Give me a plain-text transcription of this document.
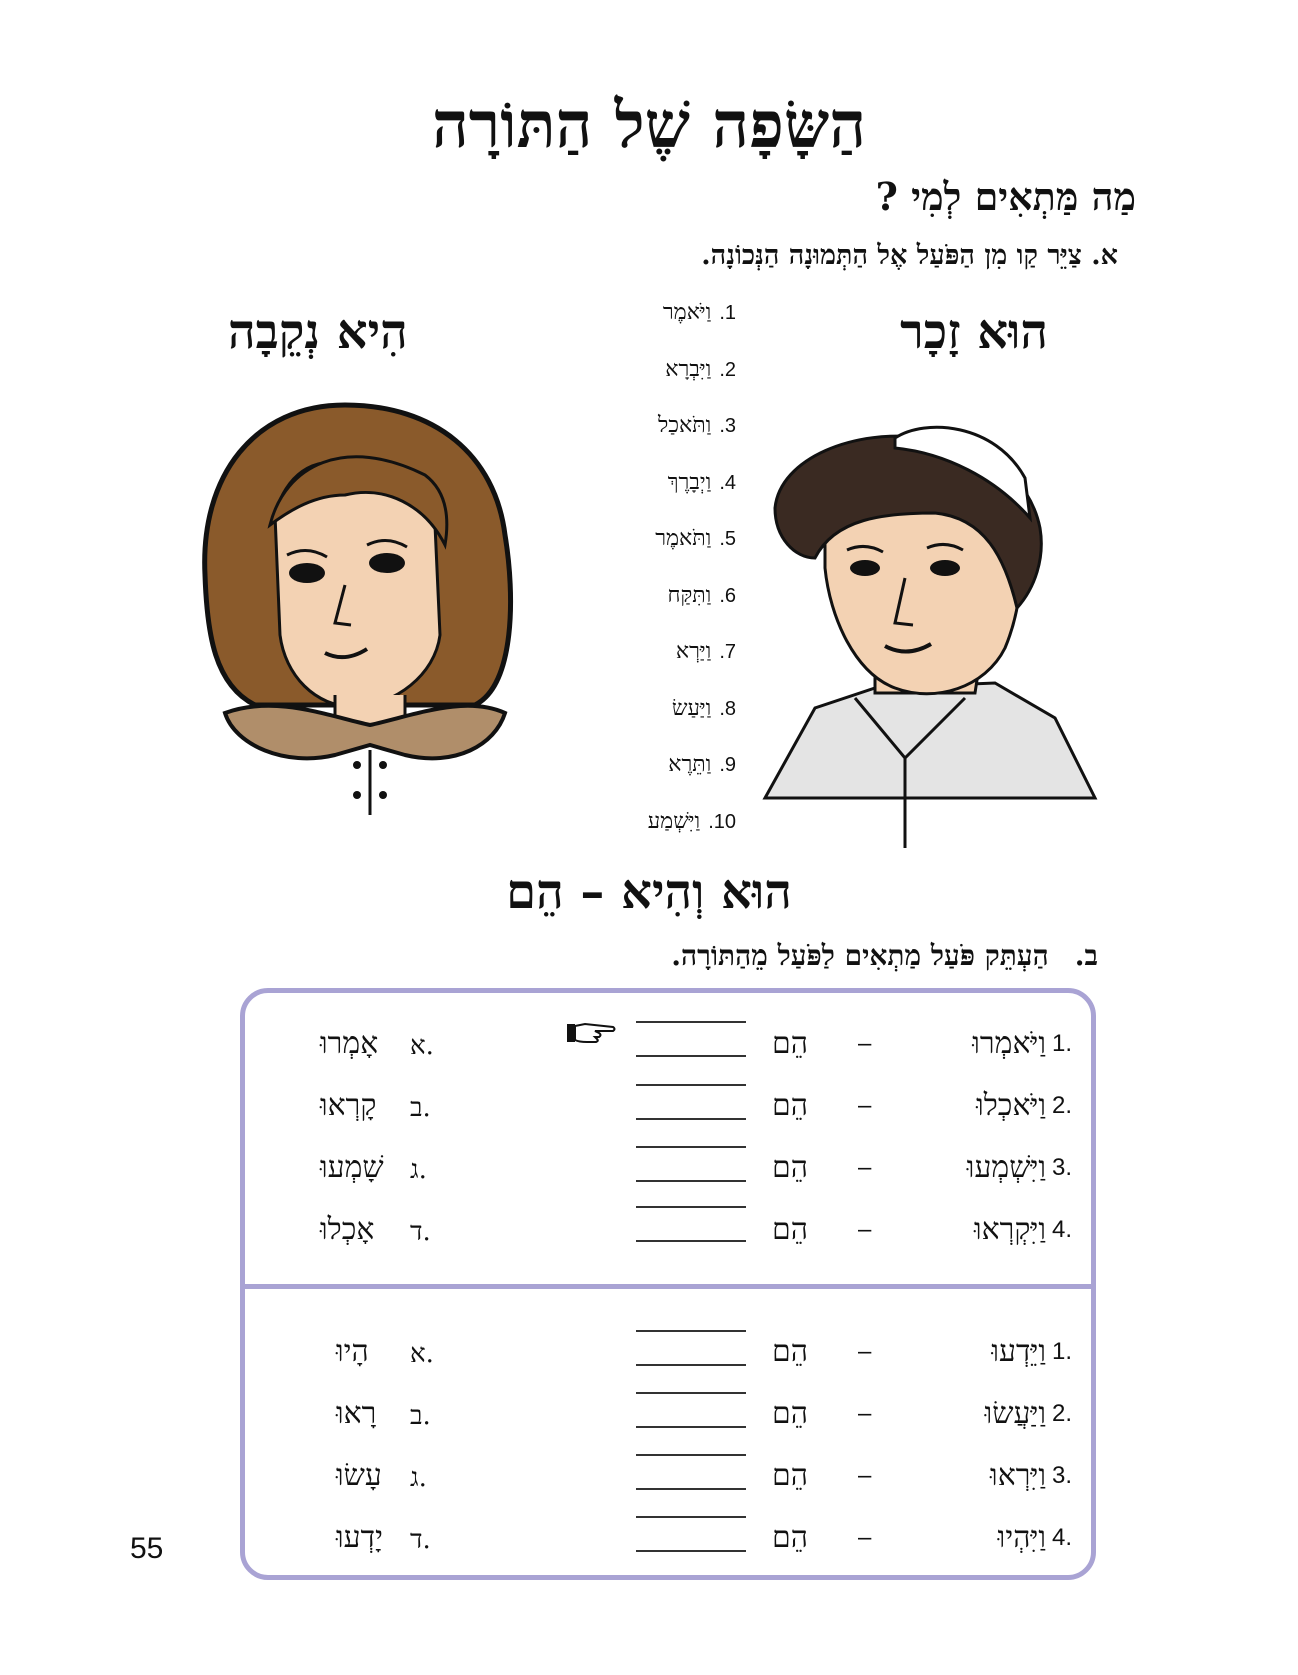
הַשָּׂפָה שֶׁל הַתּוֹרָה
מַה מַּתְאִים לְמִי ?
א. צַיֵּר קַו מִן הַפֹּעַל אֶל הַתְּמוּנָה הַנְּכוֹנָה.
הִיא נְקֵבָה	הוּא זָכָר
1.וַיֹּאמֶר
2.וַיִּבְרָא
3.וַתֹּאכַל
4.וַיְבָרֶךְ
5.וַתֹּאמֶר
6.וַתִּקַּח
7.וַיַּרְא
8.וַיַּעַשׂ
9.וַתֵּרֶא
10.וַיִּשְׁמַע
הוּא וְהִיא – הֵם
ב.הַעְתֵּק פֹּעַל מַתְאִים לַפֹּעַל מֵהַתּוֹרָה.
1.
וַיֹּאמְרוּ
–
הֵם
א.
אָמְרוּ
2.
וַיֹּאכְלוּ
–
הֵם
ב.
קָרְאוּ
3.
וַיִּשְׁמְעוּ
–
הֵם
ג.
שָׁמְעוּ
4.
וַיִּקְרְאוּ
–
הֵם
ד.
אָכְלוּ
1.
וַיֵּדְעוּ
–
הֵם
א.
הָיוּ
2.
וַיַּעֲשׂוּ
–
הֵם
ב.
רָאוּ
3.
וַיִּרְאוּ
–
הֵם
ג.
עָשׂוּ
4.
וַיִּהְיוּ
–
הֵם
ד.
יָדְעוּ
55
